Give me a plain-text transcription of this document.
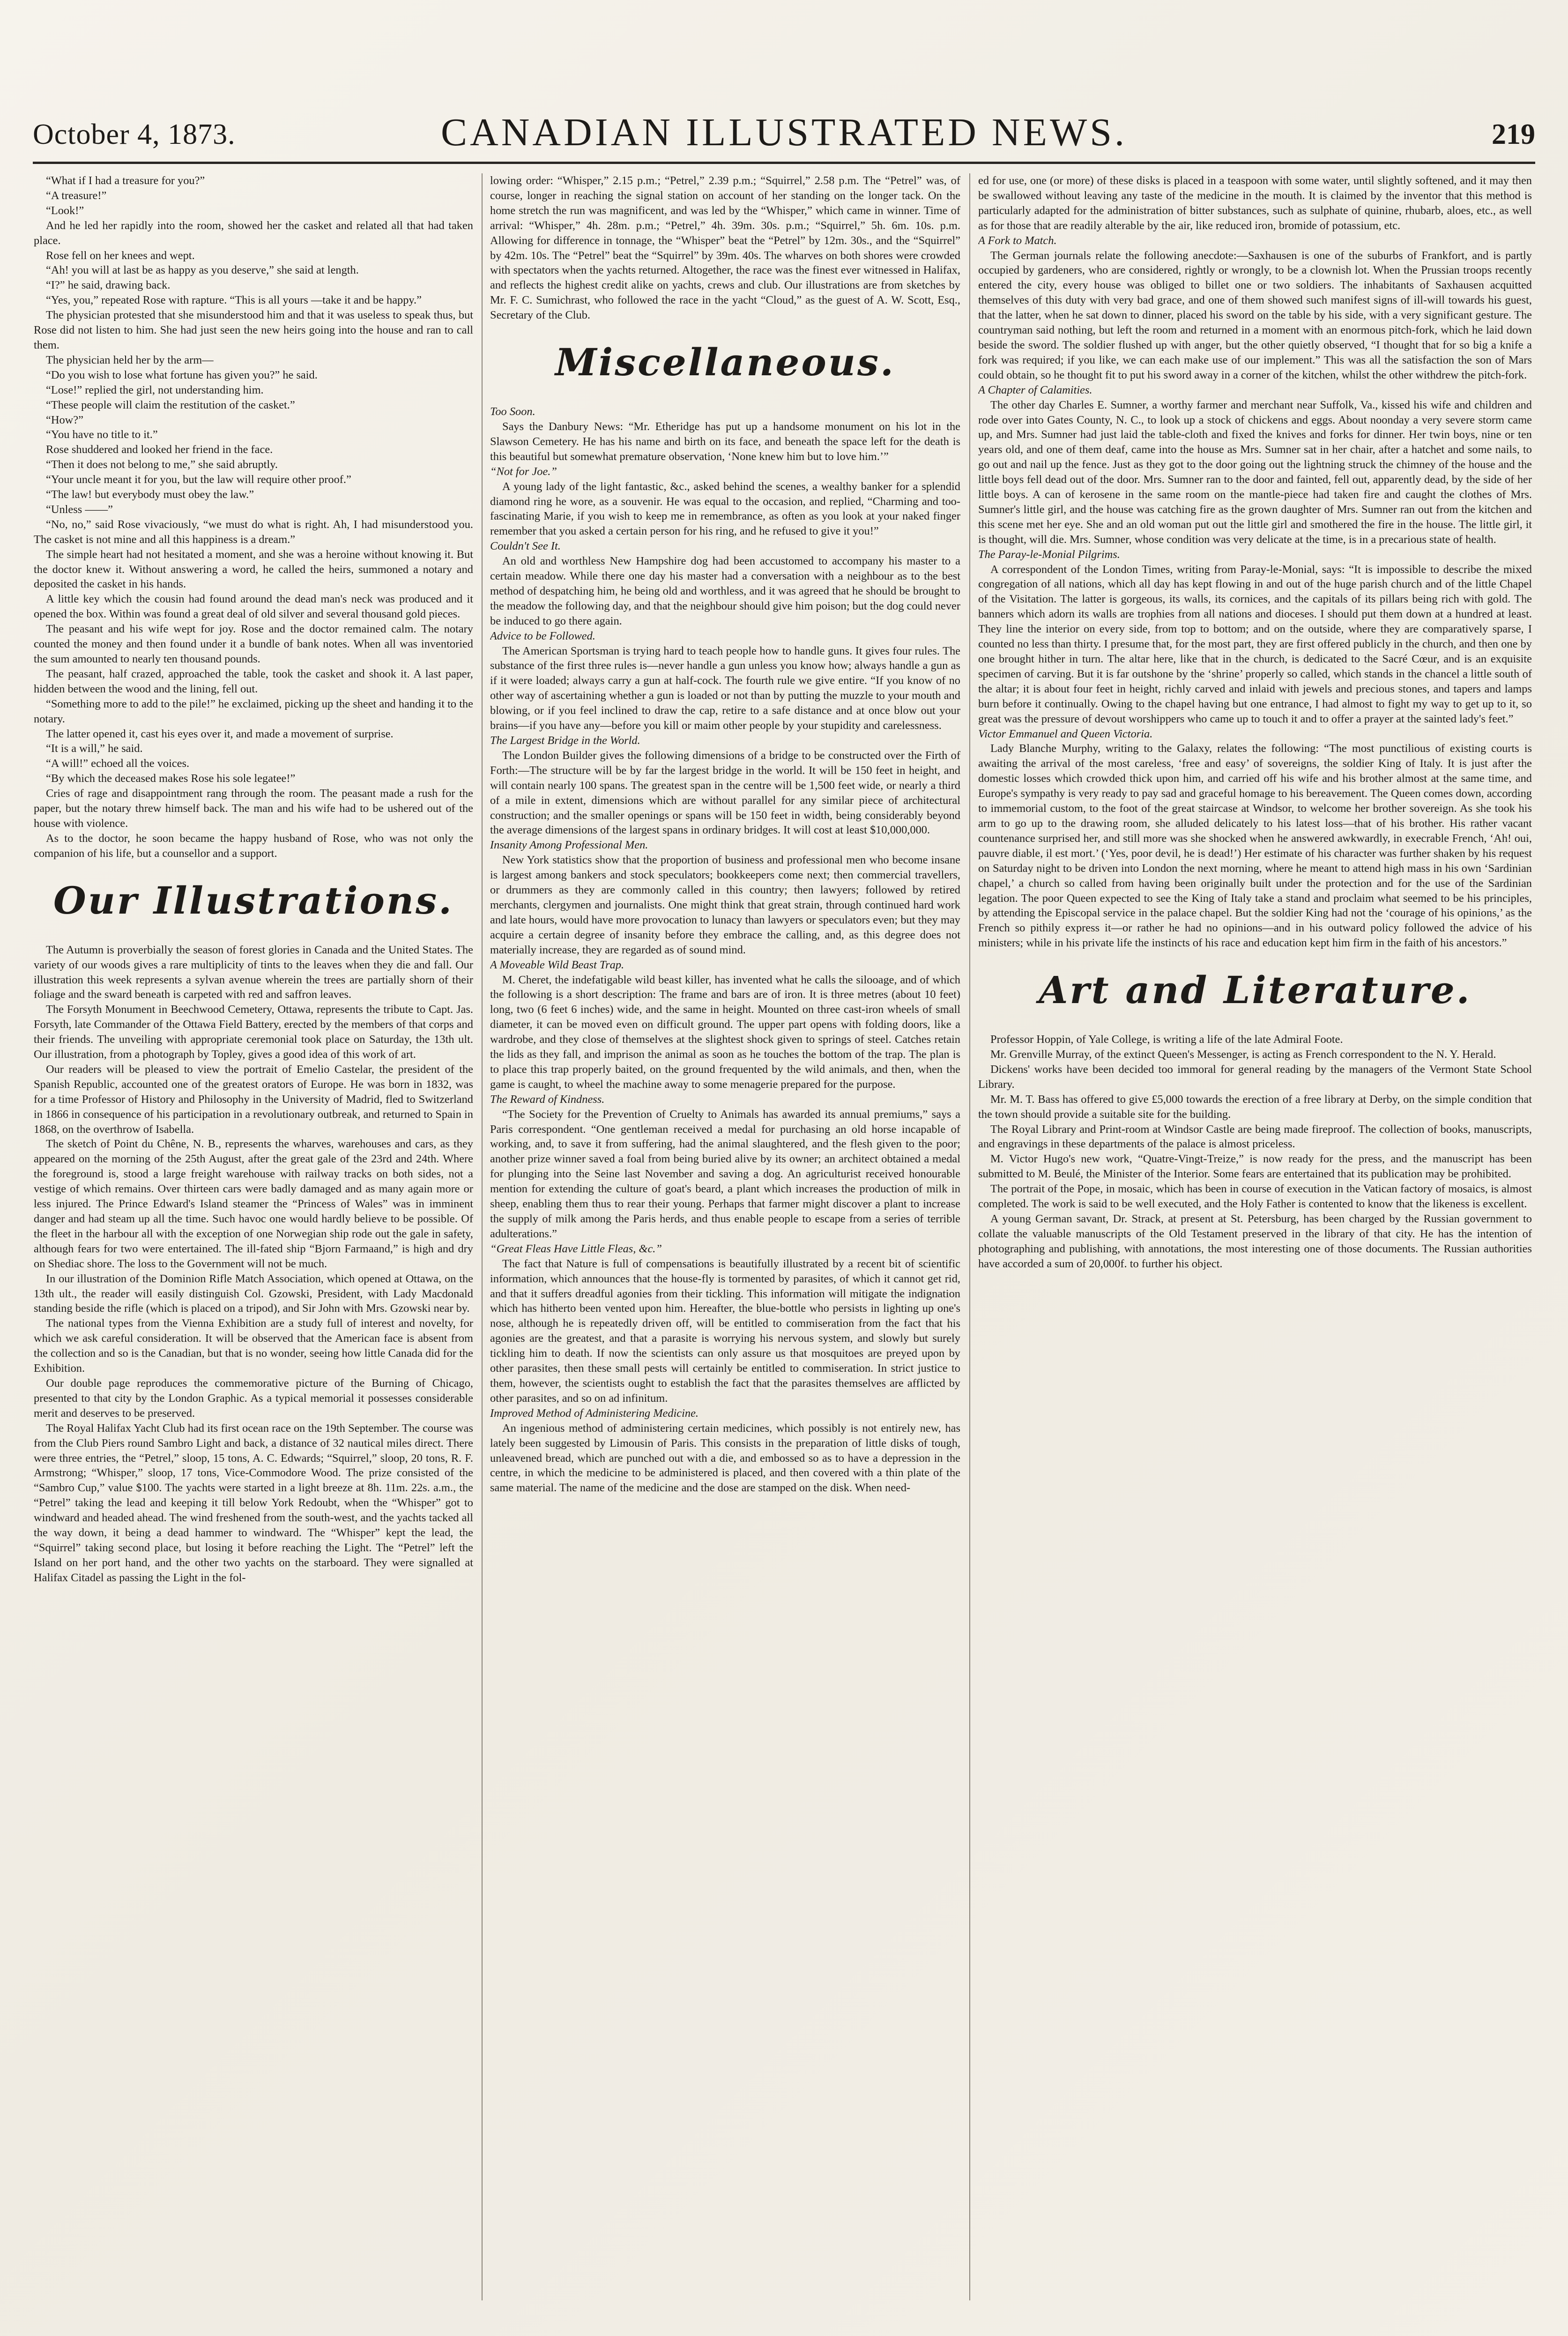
October 4, 1873.	CANADIAN ILLUSTRATED NEWS.	219

“What if I had a treasure for you?”

“A treasure!”

“Look!”

And he led her rapidly into the room, showed her the casket and related all that had taken place.

Rose fell on her knees and wept.

“Ah! you will at last be as happy as you deserve,” she said at length.

“I?” he said, drawing back.

“Yes, you,” repeated Rose with rapture. “This is all yours —take it and be happy.”

The physician protested that she misunderstood him and that it was useless to speak thus, but Rose did not listen to him. She had just seen the new heirs going into the house and ran to call them.

The physician held her by the arm—

“Do you wish to lose what fortune has given you?” he said.

“Lose!” replied the girl, not understanding him.

“These people will claim the restitution of the casket.”

“How?”

“You have no title to it.”

Rose shuddered and looked her friend in the face.

“Then it does not belong to me,” she said abruptly.

“Your uncle meant it for you, but the law will require other proof.”

“The law! but everybody must obey the law.”

“Unless ——”

“No, no,” said Rose vivaciously, “we must do what is right. Ah, I had misunderstood you. The casket is not mine and all this happiness is a dream.”

The simple heart had not hesitated a moment, and she was a heroine without knowing it. But the doctor knew it. Without answering a word, he called the heirs, summoned a notary and deposited the casket in his hands.

A little key which the cousin had found around the dead man's neck was produced and it opened the box. Within was found a great deal of old silver and several thousand gold pieces.

The peasant and his wife wept for joy. Rose and the doctor remained calm. The notary counted the money and then found under it a bundle of bank notes. When all was inventoried the sum amounted to nearly ten thousand pounds.

The peasant, half crazed, approached the table, took the casket and shook it. A last paper, hidden between the wood and the lining, fell out.

“Something more to add to the pile!” he exclaimed, picking up the sheet and handing it to the notary.

The latter opened it, cast his eyes over it, and made a movement of surprise.

“It is a will,” he said.

“A will!” echoed all the voices.

“By which the deceased makes Rose his sole legatee!”

Cries of rage and disappointment rang through the room. The peasant made a rush for the paper, but the notary threw himself back. The man and his wife had to be ushered out of the house with violence.

As to the doctor, he soon became the happy husband of Rose, who was not only the companion of his life, but a counsellor and a support.

Our Illustrations.

The Autumn is proverbially the season of forest glories in Canada and the United States. The variety of our woods gives a rare multiplicity of tints to the leaves when they die and fall. Our illustration this week represents a sylvan avenue wherein the trees are partially shorn of their foliage and the sward beneath is carpeted with red and saffron leaves.

The Forsyth Monument in Beechwood Cemetery, Ottawa, represents the tribute to Capt. Jas. Forsyth, late Commander of the Ottawa Field Battery, erected by the members of that corps and their friends. The unveiling with appropriate ceremonial took place on Saturday, the 13th ult. Our illustration, from a photograph by Topley, gives a good idea of this work of art.

Our readers will be pleased to view the portrait of Emelio Castelar, the president of the Spanish Republic, accounted one of the greatest orators of Europe. He was born in 1832, was for a time Professor of History and Philosophy in the University of Madrid, fled to Switzerland in 1866 in consequence of his participation in a revolutionary outbreak, and returned to Spain in 1868, on the overthrow of Isabella.

The sketch of Point du Chêne, N. B., represents the wharves, warehouses and cars, as they appeared on the morning of the 25th August, after the great gale of the 23rd and 24th. Where the foreground is, stood a large freight warehouse with railway tracks on both sides, not a vestige of which remains. Over thirteen cars were badly damaged and as many again more or less injured. The Prince Edward's Island steamer the “Princess of Wales” was in imminent danger and had steam up all the time. Such havoc one would hardly believe to be possible. Of the fleet in the harbour all with the exception of one Norwegian ship rode out the gale in safety, although fears for two were entertained. The ill-fated ship “Bjorn Farmaand,” is high and dry on Shediac shore. The loss to the Government will not be much.

In our illustration of the Dominion Rifle Match Association, which opened at Ottawa, on the 13th ult., the reader will easily distinguish Col. Gzowski, President, with Lady Macdonald standing beside the rifle (which is placed on a tripod), and Sir John with Mrs. Gzowski near by.

The national types from the Vienna Exhibition are a study full of interest and novelty, for which we ask careful consideration. It will be observed that the American face is absent from the collection and so is the Canadian, but that is no wonder, seeing how little Canada did for the Exhibition.

Our double page reproduces the commemorative picture of the Burning of Chicago, presented to that city by the London Graphic. As a typical memorial it possesses considerable merit and deserves to be preserved.

The Royal Halifax Yacht Club had its first ocean race on the 19th September. The course was from the Club Piers round Sambro Light and back, a distance of 32 nautical miles direct. There were three entries, the “Petrel,” sloop, 15 tons, A. C. Edwards; “Squirrel,” sloop, 20 tons, R. F. Armstrong; “Whisper,” sloop, 17 tons, Vice-Commodore Wood. The prize consisted of the “Sambro Cup,” value $100. The yachts were started in a light breeze at 8h. 11m. 22s. a.m., the “Petrel” taking the lead and keeping it till below York Redoubt, when the “Whisper” got to windward and headed ahead. The wind freshened from the south-west, and the yachts tacked all the way down, it being a dead hammer to windward. The “Whisper” kept the lead, the “Squirrel” taking second place, but losing it before reaching the Light. The “Petrel” left the Island on her port hand, and the other two yachts on the starboard. They were signalled at Halifax Citadel as passing the Light in the fol-

lowing order: “Whisper,” 2.15 p.m.; “Petrel,” 2.39 p.m.; “Squirrel,” 2.58 p.m. The “Petrel” was, of course, longer in reaching the signal station on account of her standing on the longer tack. On the home stretch the run was magnificent, and was led by the “Whisper,” which came in winner. Time of arrival: “Whisper,” 4h. 28m. p.m.; “Petrel,” 4h. 39m. 30s. p.m.; “Squirrel,” 5h. 6m. 10s. p.m. Allowing for difference in tonnage, the “Whisper” beat the “Petrel” by 12m. 30s., and the “Squirrel” by 42m. 10s. The “Petrel” beat the “Squirrel” by 39m. 40s. The wharves on both shores were crowded with spectators when the yachts returned. Altogether, the race was the finest ever witnessed in Halifax, and reflects the highest credit alike on yachts, crews and club. Our illustrations are from sketches by Mr. F. C. Sumichrast, who followed the race in the yacht “Cloud,” as the guest of A. W. Scott, Esq., Secretary of the Club.

Miscellaneous.

Too Soon.

Says the Danbury News: “Mr. Etheridge has put up a handsome monument on his lot in the Slawson Cemetery. He has his name and birth on its face, and beneath the space left for the death is this beautiful but somewhat premature observation, ‘None knew him but to love him.’”

“Not for Joe.”

A young lady of the light fantastic, &c., asked behind the scenes, a wealthy banker for a splendid diamond ring he wore, as a souvenir. He was equal to the occasion, and replied, “Charming and too-fascinating Marie, if you wish to keep me in remembrance, as often as you look at your naked finger remember that you asked a certain person for his ring, and he refused to give it you!”

Couldn't See It.

An old and worthless New Hampshire dog had been accustomed to accompany his master to a certain meadow. While there one day his master had a conversation with a neighbour as to the best method of despatching him, he being old and worthless, and it was agreed that he should be brought to the meadow the following day, and that the neighbour should give him poison; but the dog could never be induced to go there again.

Advice to be Followed.

The American Sportsman is trying hard to teach people how to handle guns. It gives four rules. The substance of the first three rules is—never handle a gun unless you know how; always handle a gun as if it were loaded; always carry a gun at half-cock. The fourth rule we give entire. “If you know of no other way of ascertaining whether a gun is loaded or not than by putting the muzzle to your mouth and blowing, or if you feel inclined to draw the cap, retire to a safe distance and at once blow out your brains—if you have any—before you kill or maim other people by your stupidity and carelessness.

The Largest Bridge in the World.

The London Builder gives the following dimensions of a bridge to be constructed over the Firth of Forth:—The structure will be by far the largest bridge in the world. It will be 150 feet in height, and will contain nearly 100 spans. The greatest span in the centre will be 1,500 feet wide, or nearly a third of a mile in extent, dimensions which are without parallel for any similar piece of architectural construction; and the smaller openings or spans will be 150 feet in width, being considerably beyond the average dimensions of the largest spans in ordinary bridges. It will cost at least $10,000,000.

Insanity Among Professional Men.

New York statistics show that the proportion of business and professional men who become insane is largest among bankers and stock speculators; bookkeepers come next; then commercial travellers, or drummers as they are commonly called in this country; then lawyers; followed by retired merchants, clergymen and journalists. One might think that great strain, through continued hard work and late hours, would have more provocation to lunacy than lawyers or speculators even; but they may acquire a certain degree of insanity before they embrace the calling, and, as this degree does not materially increase, they are regarded as of sound mind.

A Moveable Wild Beast Trap.

M. Cheret, the indefatigable wild beast killer, has invented what he calls the silooage, and of which the following is a short description: The frame and bars are of iron. It is three metres (about 10 feet) long, two (6 feet 6 inches) wide, and the same in height. Mounted on three cast-iron wheels of small diameter, it can be moved even on difficult ground. The upper part opens with folding doors, like a wardrobe, and they close of themselves at the slightest shock given to springs of steel. Catches retain the lids as they fall, and imprison the animal as soon as he touches the bottom of the trap. The plan is to place this trap properly baited, on the ground frequented by the wild animals, and then, when the game is caught, to wheel the machine away to some menagerie prepared for the purpose.

The Reward of Kindness.

“The Society for the Prevention of Cruelty to Animals has awarded its annual premiums,” says a Paris correspondent. “One gentleman received a medal for purchasing an old horse incapable of working, and, to save it from suffering, had the animal slaughtered, and the flesh given to the poor; another prize winner saved a foal from being buried alive by its owner; an architect obtained a medal for plunging into the Seine last November and saving a dog. An agriculturist received honourable mention for extending the culture of goat's beard, a plant which increases the production of milk in sheep, enabling them thus to rear their young. Perhaps that farmer might discover a plant to increase the supply of milk among the Paris herds, and thus enable people to escape from a series of terrible adulterations.”

“Great Fleas Have Little Fleas, &c.”

The fact that Nature is full of compensations is beautifully illustrated by a recent bit of scientific information, which announces that the house-fly is tormented by parasites, of which it cannot get rid, and that it suffers dreadful agonies from their tickling. This information will mitigate the indignation which has hitherto been vented upon him. Hereafter, the blue-bottle who persists in lighting up one's nose, although he is repeatedly driven off, will be entitled to commiseration from the fact that his agonies are the greatest, and that a parasite is worrying his nervous system, and slowly but surely tickling him to death. If now the scientists can only assure us that mosquitoes are preyed upon by other parasites, then these small pests will certainly be entitled to commiseration. In strict justice to them, however, the scientists ought to establish the fact that the parasites themselves are afflicted by other parasites, and so on ad infinitum.

Improved Method of Administering Medicine.

An ingenious method of administering certain medicines, which possibly is not entirely new, has lately been suggested by Limousin of Paris. This consists in the preparation of little disks of tough, unleavened bread, which are punched out with a die, and embossed so as to have a depression in the centre, in which the medicine to be administered is placed, and then covered with a thin plate of the same material. The name of the medicine and the dose are stamped on the disk. When need-

ed for use, one (or more) of these disks is placed in a teaspoon with some water, until slightly softened, and it may then be swallowed without leaving any taste of the medicine in the mouth. It is claimed by the inventor that this method is particularly adapted for the administration of bitter substances, such as sulphate of quinine, rhubarb, aloes, etc., as well as for those that are readily alterable by the air, like reduced iron, bromide of potassium, etc.

A Fork to Match.

The German journals relate the following anecdote:—Saxhausen is one of the suburbs of Frankfort, and is partly occupied by gardeners, who are considered, rightly or wrongly, to be a clownish lot. When the Prussian troops recently entered the city, every house was obliged to billet one or two soldiers. The inhabitants of Saxhausen acquitted themselves of this duty with very bad grace, and one of them showed such manifest signs of ill-will towards his guest, that the latter, when he sat down to dinner, placed his sword on the table by his side, with a very significant gesture. The countryman said nothing, but left the room and returned in a moment with an enormous pitch-fork, which he laid down beside the sword. The soldier flushed up with anger, but the other quietly observed, “I thought that for so big a knife a fork was required; if you like, we can each make use of our implement.” This was all the satisfaction the son of Mars could obtain, so he thought fit to put his sword away in a corner of the kitchen, whilst the other withdrew the pitch-fork.

A Chapter of Calamities.

The other day Charles E. Sumner, a worthy farmer and merchant near Suffolk, Va., kissed his wife and children and rode over into Gates County, N. C., to look up a stock of chickens and eggs. About noonday a very severe storm came up, and Mrs. Sumner had just laid the table-cloth and fixed the knives and forks for dinner. Her twin boys, nine or ten years old, and one of them deaf, came into the house as Mrs. Sumner sat in her chair, after a hatchet and some nails, to go out and nail up the fence. Just as they got to the door going out the lightning struck the chimney of the house and the little boys fell dead out of the door. Mrs. Sumner ran to the door and fainted, fell out, apparently dead, by the side of her little boys. A can of kerosene in the same room on the mantle-piece had taken fire and caught the clothes of Mrs. Sumner's little girl, and the house was catching fire as the grown daughter of Mrs. Sumner ran out from the kitchen and this scene met her eye. She and an old woman put out the little girl and smothered the fire in the house. The little girl, it is thought, will die. Mrs. Sumner, whose condition was very delicate at the time, is in a precarious state of health.

The Paray-le-Monial Pilgrims.

A correspondent of the London Times, writing from Paray-le-Monial, says: “It is impossible to describe the mixed congregation of all nations, which all day has kept flowing in and out of the huge parish church and of the little Chapel of the Visitation. The latter is gorgeous, its walls, its cornices, and the capitals of its pillars being rich with gold. The banners which adorn its walls are trophies from all nations and dioceses. I should put them down at a hundred at least. They line the interior on every side, from top to bottom; and on the outside, where they are comparatively sparse, I counted no less than thirty. I presume that, for the most part, they are first offered publicly in the church, and then one by one brought hither in turn. The altar here, like that in the church, is dedicated to the Sacré Cœur, and is an exquisite specimen of carving. But it is far outshone by the ‘shrine’ properly so called, which stands in the chancel a little south of the altar; it is about four feet in height, richly carved and inlaid with jewels and precious stones, and tapers and lamps burn before it continually. Owing to the chapel having but one entrance, I had almost to fight my way to get up to it, so great was the pressure of devout worshippers who came up to touch it and to offer a prayer at the sainted lady's feet.”

Victor Emmanuel and Queen Victoria.

Lady Blanche Murphy, writing to the Galaxy, relates the following: “The most punctilious of existing courts is awaiting the arrival of the most careless, ‘free and easy’ of sovereigns, the soldier King of Italy. It is just after the domestic losses which crowded thick upon him, and carried off his wife and his brother almost at the same time, and Europe's sympathy is very ready to pay sad and graceful homage to his bereavement. The Queen comes down, according to immemorial custom, to the foot of the great staircase at Windsor, to welcome her brother sovereign. As she took his arm to go up to the drawing room, she alluded delicately to his latest loss—that of his brother. His rather vacant countenance surprised her, and still more was she shocked when he answered awkwardly, in execrable French, ‘Ah! oui, pauvre diable, il est mort.’ (‘Yes, poor devil, he is dead!’) Her estimate of his character was further shaken by his request on Saturday night to be driven into London the next morning, where he meant to attend high mass in his own ‘Sardinian chapel,’ a church so called from having been originally built under the protection and for the use of the Sardinian legation. The poor Queen expected to see the King of Italy take a stand and proclaim what seemed to be his principles, by attending the Episcopal service in the palace chapel. But the soldier King had not the ‘courage of his opinions,’ as the French so pithily express it—or rather he had no opinions—and in his outward policy followed the advice of his ministers; while in his private life the instincts of his race and education kept him firm in the faith of his ancestors.”

Art and Literature.

Professor Hoppin, of Yale College, is writing a life of the late Admiral Foote.

Mr. Grenville Murray, of the extinct Queen's Messenger, is acting as French correspondent to the N. Y. Herald.

Dickens' works have been decided too immoral for general reading by the managers of the Vermont State School Library.

Mr. M. T. Bass has offered to give £5,000 towards the erection of a free library at Derby, on the simple condition that the town should provide a suitable site for the building.

The Royal Library and Print-room at Windsor Castle are being made fireproof. The collection of books, manuscripts, and engravings in these departments of the palace is almost priceless.

M. Victor Hugo's new work, “Quatre-Vingt-Treize,” is now ready for the press, and the manuscript has been submitted to M. Beulé, the Minister of the Interior. Some fears are entertained that its publication may be prohibited.

The portrait of the Pope, in mosaic, which has been in course of execution in the Vatican factory of mosaics, is almost completed. The work is said to be well executed, and the Holy Father is contented to know that the likeness is excellent.

A young German savant, Dr. Strack, at present at St. Petersburg, has been charged by the Russian government to collate the valuable manuscripts of the Old Testament preserved in the library of that city. He has the intention of photographing and publishing, with annotations, the most interesting one of those documents. The Russian authorities have accorded a sum of 20,000f. to further his object.
